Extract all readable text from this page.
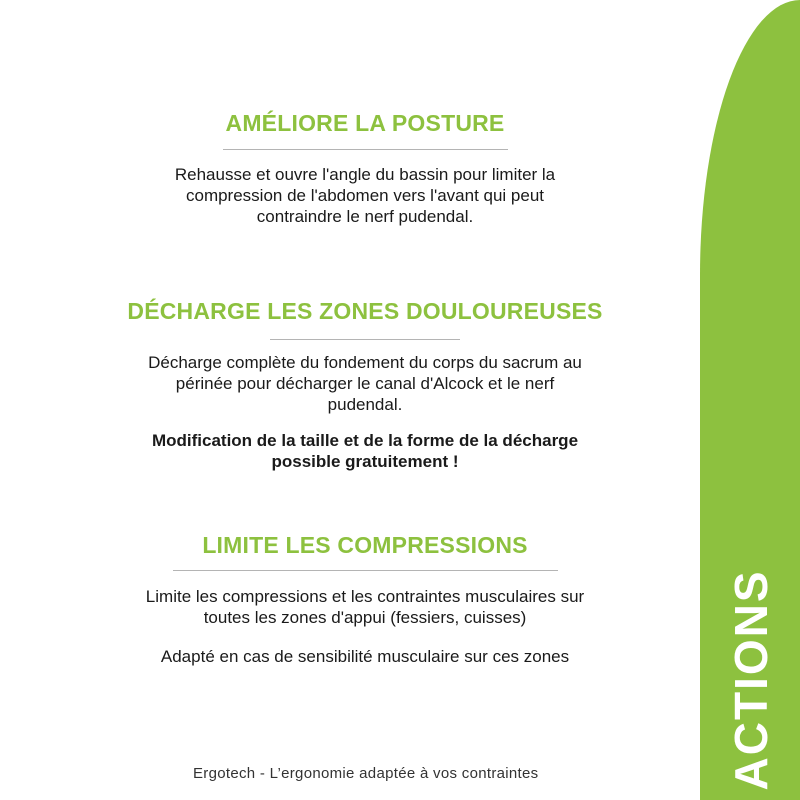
ACTIONS
AMÉLIORE LA POSTURE

Rehausse et ouvre l'angle du bassin pour limiter la

compression de l'abdomen vers l'avant qui peut

contraindre le nerf pudendal.

DÉCHARGE LES ZONES DOULOUREUSES

Décharge complète du fondement du corps du sacrum au

périnée pour décharger le canal d'Alcock et le nerf

pudendal.

Modification de la taille et de la forme de la décharge

possible gratuitement !

LIMITE LES COMPRESSIONS

Limite les compressions et les contraintes musculaires sur

toutes les zones d'appui (fessiers, cuisses)

Adapté en cas de sensibilité musculaire sur ces zones

Ergotech - L’ergonomie adaptée à vos contraintes
